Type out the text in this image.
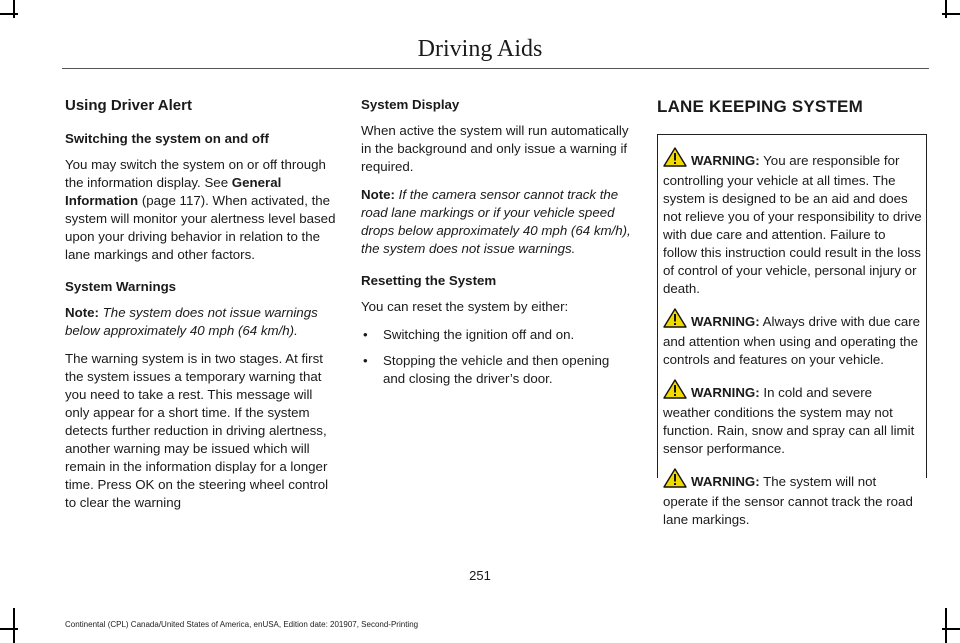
Driving Aids
Using Driver Alert
Switching the system on and off

You may switch the system on or off through the information display. See General Information (page 117). When activated, the system will monitor your alertness level based upon your driving behavior in relation to the lane markings and other factors.

System Warnings

Note: The system does not issue warnings below approximately 40 mph (64 km/h).

The warning system is in two stages. At first the system issues a temporary warning that you need to take a rest. This message will only appear for a short time. If the system detects further reduction in driving alertness, another warning may be issued which will remain in the information display for a longer time. Press OK on the steering wheel control to clear the warning

System Display

When active the system will run automatically in the background and only issue a warning if required.

Note: If the camera sensor cannot track the road lane markings or if your vehicle speed drops below approximately 40 mph (64 km/h), the system does not issue warnings.

Resetting the System

You can reset the system by either:

• Switching the ignition off and on.
• Stopping the vehicle and then opening and closing the driver’s door.
LANE KEEPING SYSTEM

WARNING: You are responsible for controlling your vehicle at all times. The system is designed to be an aid and does not relieve you of your responsibility to drive with due care and attention. Failure to follow this instruction could result in the loss of control of your vehicle, personal injury or death.

WARNING: Always drive with due care and attention when using and operating the controls and features on your vehicle.

WARNING: In cold and severe weather conditions the system may not function. Rain, snow and spray can all limit sensor performance.

WARNING: The system will not operate if the sensor cannot track the road lane markings.

251
Continental (CPL) Canada/United States of America, enUSA, Edition date: 201907, Second-Printing
